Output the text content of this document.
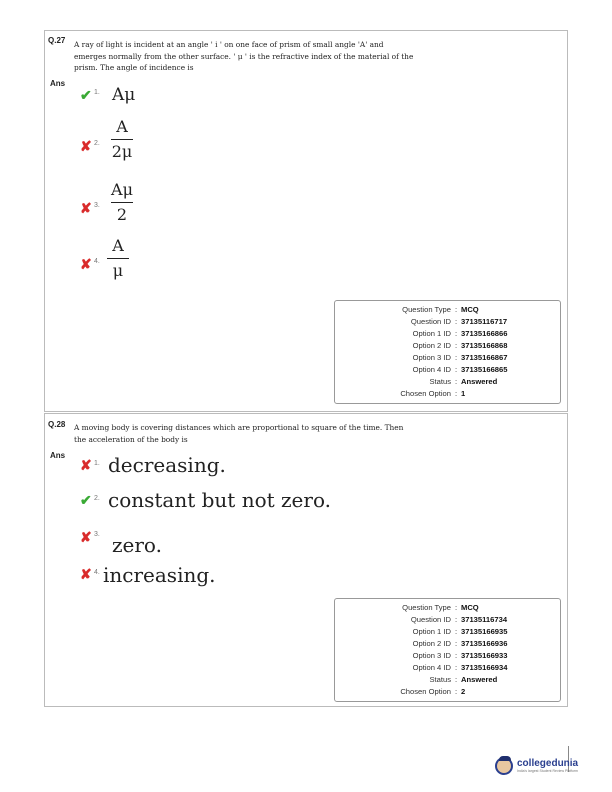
Q.27 A ray of light is incident at an angle ' i ' on one face of prism of small angle 'A' and emerges normally from the other surface. ' μ ' is the refractive index of the material of the prism. The angle of incidence is
Ans
✔ 1. Aμ
✘ 2.
A
2μ
✘ 3.
Aμ
2
✘ 4.
A
μ
Question Type : MCQ
Question ID : 37135116717
Option 1 ID : 37135166866
Option 2 ID : 37135166868
Option 3 ID : 37135166867
Option 4 ID : 37135166865
Status : Answered
Chosen Option : 1
Q.28 A moving body is covering distances which are proportional to square of the time. Then the acceleration of the body is
Ans
✘ 1. decreasing.
✔ 2. constant but not zero.
✘ 3. zero.
✘ 4. increasing.
Question Type : MCQ
Question ID : 37135116734
Option 1 ID : 37135166935
Option 2 ID : 37135166936
Option 3 ID : 37135166933
Option 4 ID : 37135166934
Status : Answered
Chosen Option : 2
collegedunia
India's largest Student Review Platform
